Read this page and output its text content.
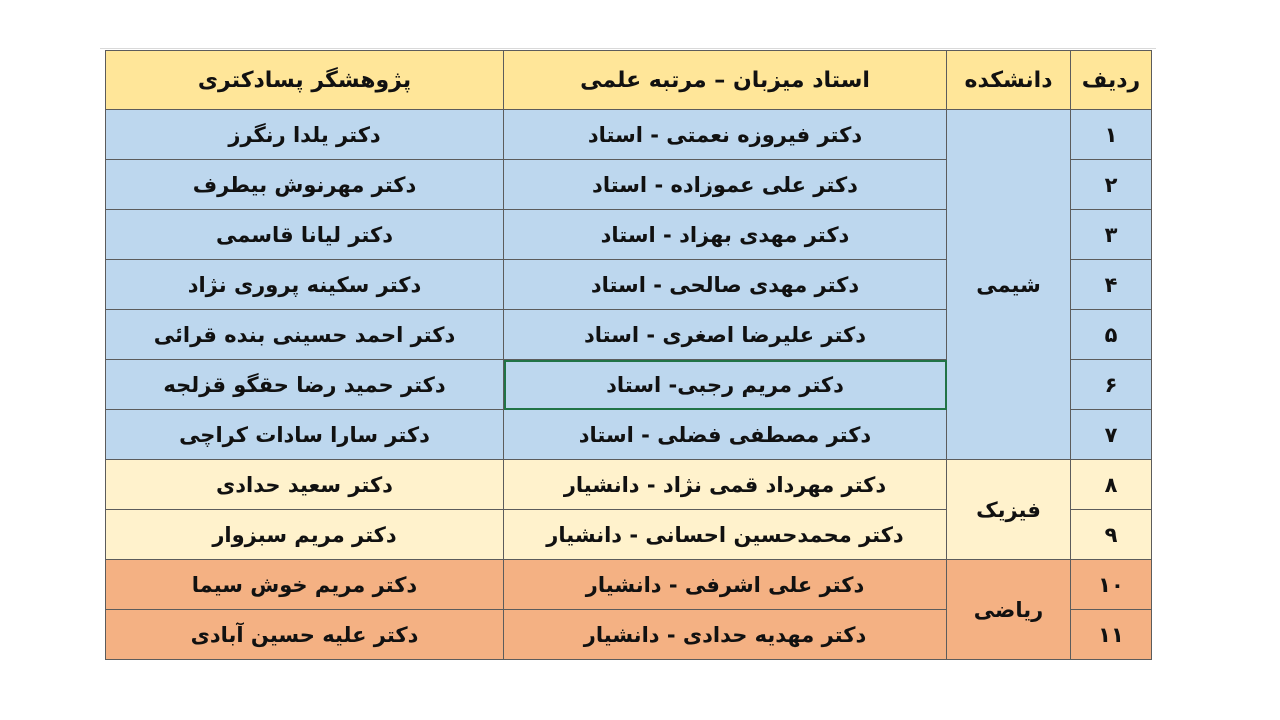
ردیف	دانشکده	استاد میزبان – مرتبه علمی	پژوهشگر پسادکتری
۱	شیمی	دکتر فیروزه نعمتی - استاد	دکتر یلدا رنگرز
۲		دکتر علی عموزاده - استاد	دکتر مهرنوش بیطرف
۳		دکتر مهدی بهزاد - استاد	دکتر لیانا قاسمی
۴		دکتر مهدی صالحی - استاد	دکتر سکینه پروری نژاد
۵		دکتر علیرضا اصغری - استاد	دکتر احمد حسینی بنده قرائی
۶		دکتر مریم رجبی- استاد	دکتر حمید رضا حقگو قزلجه
۷		دکتر مصطفی فضلی - استاد	دکتر سارا سادات کراچی
۸	فیزیک	دکتر مهرداد قمی نژاد - دانشیار	دکتر سعید حدادی
۹		دکتر محمدحسین احسانی - دانشیار	دکتر مریم سبزوار
۱۰	ریاضی	دکتر علی اشرفی - دانشیار	دکتر مریم خوش سیما
۱۱		دکتر مهدیه حدادی - دانشیار	دکتر علیه حسین آبادی
